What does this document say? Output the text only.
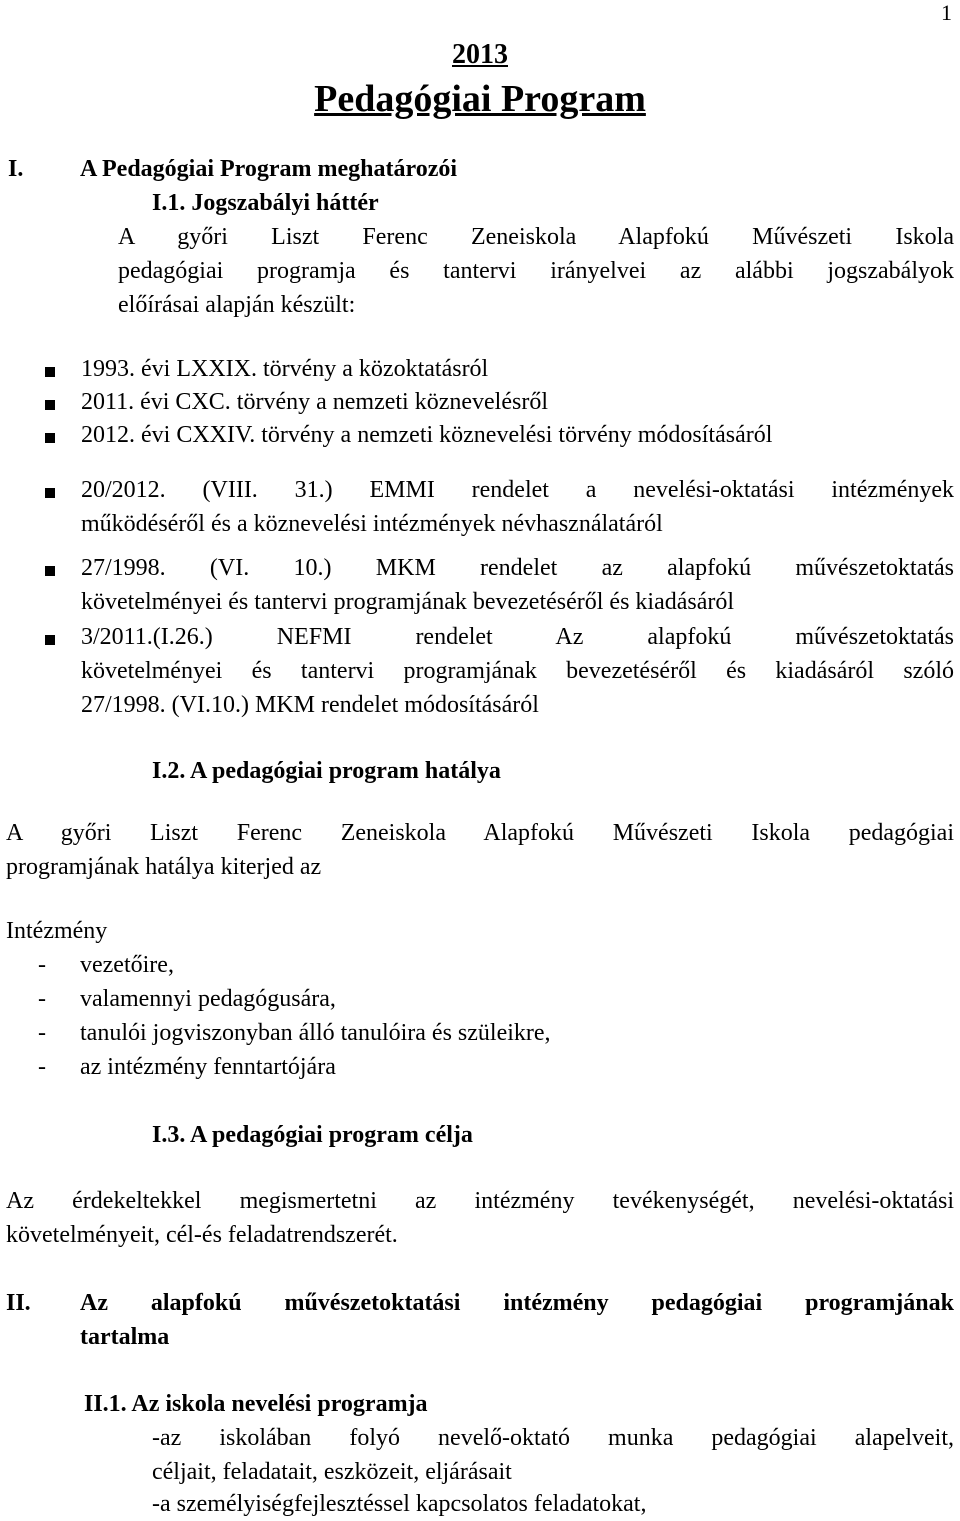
1
2013
Pedagógiai Program
I. A Pedagógiai Program meghatározói
I.1. Jogszabályi háttér
A győri Liszt Ferenc Zeneiskola Alapfokú Művészeti Iskola
pedagógiai programja és tantervi irányelvei az alábbi jogszabályok
előírásai alapján készült:
1993. évi LXXIX. törvény a közoktatásról
2011. évi CXC. törvény a nemzeti köznevelésről
2012. évi CXXIV. törvény a nemzeti köznevelési törvény módosításáról
20/2012. (VIII. 31.) EMMI rendelet a nevelési-oktatási intézmények
működéséről és a köznevelési intézmények névhasználatáról
27/1998. (VI. 10.) MKM rendelet az alapfokú művészetoktatás
követelményei és tantervi programjának bevezetéséről és kiadásáról
3/2011.(I.26.) NEFMI rendelet Az alapfokú művészetoktatás
követelményei és tantervi programjának bevezetéséről és kiadásáról szóló
27/1998. (VI.10.) MKM rendelet módosításáról
I.2. A pedagógiai program hatálya
A győri Liszt Ferenc Zeneiskola Alapfokú Művészeti Iskola pedagógiai
programjának hatálya kiterjed az
Intézmény
- vezetőire,
- valamennyi pedagógusára,
- tanulói jogviszonyban álló tanulóira és szüleikre,
- az intézmény fenntartójára
I.3. A pedagógiai program célja
Az érdekeltekkel megismertetni az intézmény tevékenységét, nevelési-oktatási
követelményeit, cél-és feladatrendszerét.
II. Az alapfokú művészetoktatási intézmény pedagógiai programjának
tartalma
II.1. Az iskola nevelési programja
-az iskolában folyó nevelő-oktató munka pedagógiai alapelveit,
céljait, feladatait, eszközeit, eljárásait
-a személyiségfejlesztéssel kapcsolatos feladatokat,
